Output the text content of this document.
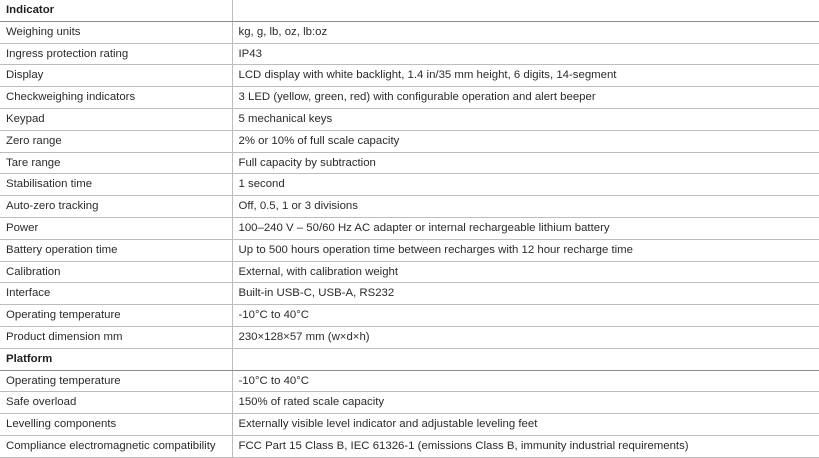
Indicator	
Weighing units	kg, g, lb, oz, lb:oz
Ingress protection rating	IP43
Display	LCD display with white backlight, 1.4 in/35 mm height, 6 digits, 14-segment
Checkweighing indicators	3 LED (yellow, green, red) with configurable operation and alert beeper
Keypad	5 mechanical keys
Zero range	2% or 10% of full scale capacity
Tare range	Full capacity by subtraction
Stabilisation time	1 second
Auto-zero tracking	Off, 0.5, 1 or 3 divisions
Power	100–240 V – 50/60 Hz AC adapter or internal rechargeable lithium battery
Battery operation time	Up to 500 hours operation time between recharges with 12 hour recharge time
Calibration	External, with calibration weight
Interface	Built-in USB-C, USB-A, RS232
Operating temperature	-10°C to 40°C
Product dimension mm	230×128×57 mm (w×d×h)
Platform	
Operating temperature	-10°C to 40°C
Safe overload	150% of rated scale capacity
Levelling components	Externally visible level indicator and adjustable leveling feet
Compliance electromagnetic compatibility	FCC Part 15 Class B, IEC 61326-1 (emissions Class B, immunity industrial requirements)
